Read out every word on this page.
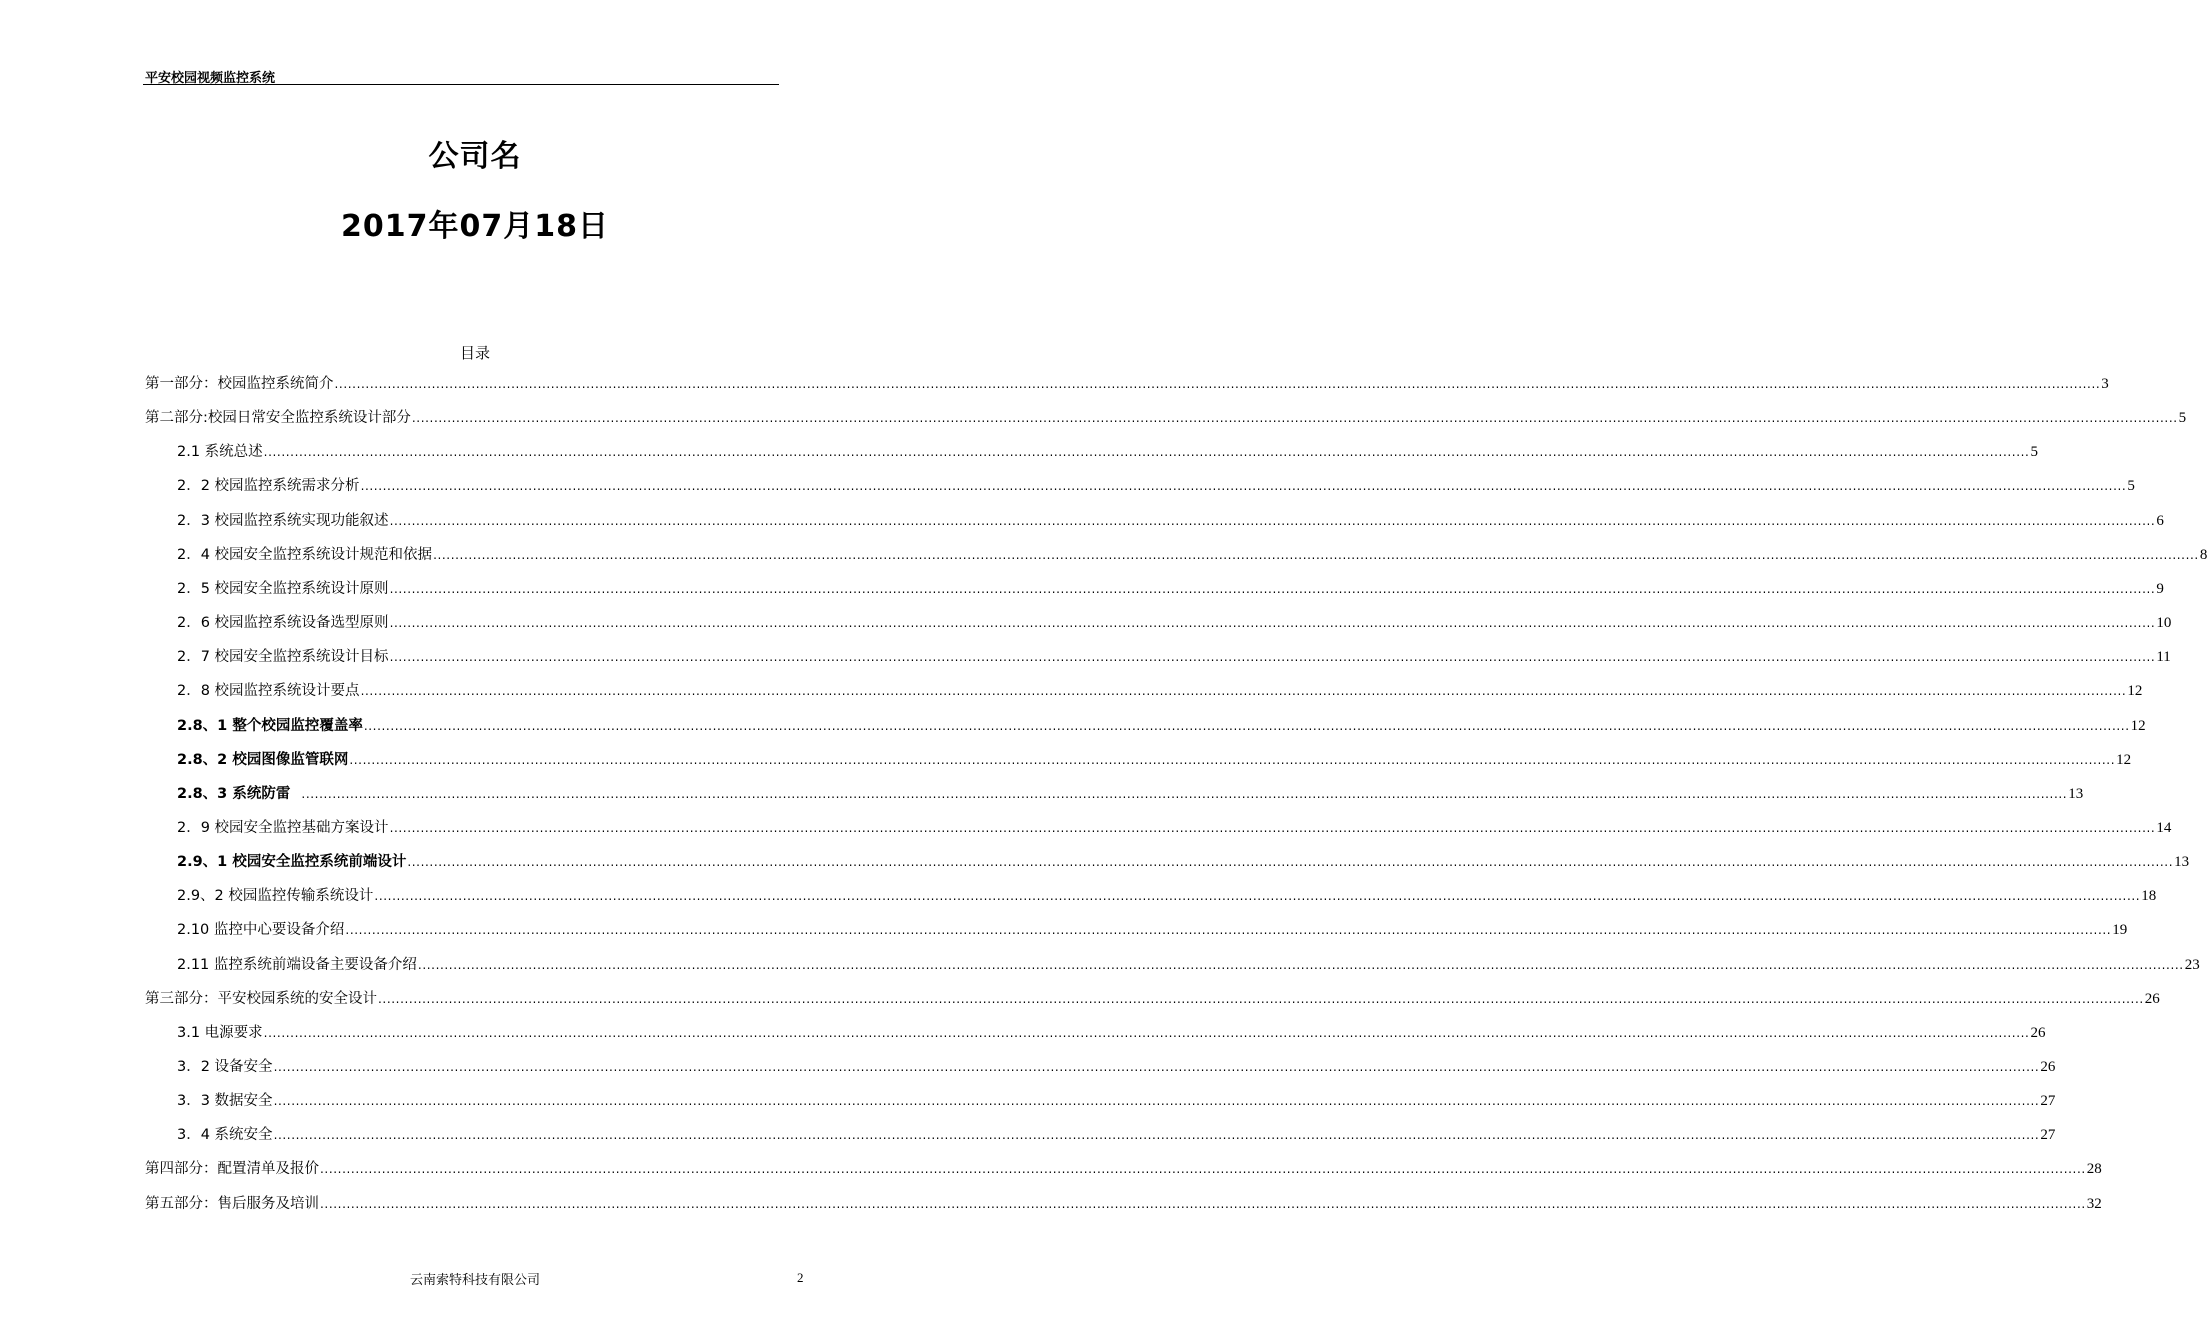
平安校园视频监控系统
公司名
2017年07月18日
目录
第一部分：校园监控系统简介 ................................................................................................................................................................................................................................................................................................................................................................................................................ 3
第二部分:校园日常安全监控系统设计部分 ................................................................................................................................................................................................................................................................................................................................................................................................................ 5
2.1 系统总述 ................................................................................................................................................................................................................................................................................................................................................................................................................ 5
2．2 校园监控系统需求分析 ................................................................................................................................................................................................................................................................................................................................................................................................................ 5
2．3 校园监控系统实现功能叙述 ................................................................................................................................................................................................................................................................................................................................................................................................................ 6
2．4 校园安全监控系统设计规范和依据 ................................................................................................................................................................................................................................................................................................................................................................................................................ 8
2．5 校园安全监控系统设计原则 ................................................................................................................................................................................................................................................................................................................................................................................................................ 9
2．6 校园监控系统设备选型原则 ................................................................................................................................................................................................................................................................................................................................................................................................................ 10
2．7 校园安全监控系统设计目标 ................................................................................................................................................................................................................................................................................................................................................................................................................ 11
2．8 校园监控系统设计要点 ................................................................................................................................................................................................................................................................................................................................................................................................................ 12
2.8、1 整个校园监控覆盖率 ................................................................................................................................................................................................................................................................................................................................................................................................................ 12
2.8、2 校园图像监管联网 ................................................................................................................................................................................................................................................................................................................................................................................................................ 12
2.8、3 系统防雷 ................................................................................................................................................................................................................................................................................................................................................................................................................ 13
2．9 校园安全监控基础方案设计 ................................................................................................................................................................................................................................................................................................................................................................................................................ 14
2.9、1 校园安全监控系统前端设计 ................................................................................................................................................................................................................................................................................................................................................................................................................ 13
2.9、2 校园监控传输系统设计 ................................................................................................................................................................................................................................................................................................................................................................................................................ 18
2.10 监控中心要设备介绍 ................................................................................................................................................................................................................................................................................................................................................................................................................ 19
2.11 监控系统前端设备主要设备介绍 ................................................................................................................................................................................................................................................................................................................................................................................................................ 23
第三部分：平安校园系统的安全设计 ................................................................................................................................................................................................................................................................................................................................................................................................................ 26
3.1 电源要求 ................................................................................................................................................................................................................................................................................................................................................................................................................ 26
3．2 设备安全 ................................................................................................................................................................................................................................................................................................................................................................................................................ 26
3．3 数据安全 ................................................................................................................................................................................................................................................................................................................................................................................................................ 27
3．4 系统安全 ................................................................................................................................................................................................................................................................................................................................................................................................................ 27
第四部分：配置清单及报价 ................................................................................................................................................................................................................................................................................................................................................................................................................ 28
第五部分：售后服务及培训 ................................................................................................................................................................................................................................................................................................................................................................................................................ 32
云南索特科技有限公司	2
